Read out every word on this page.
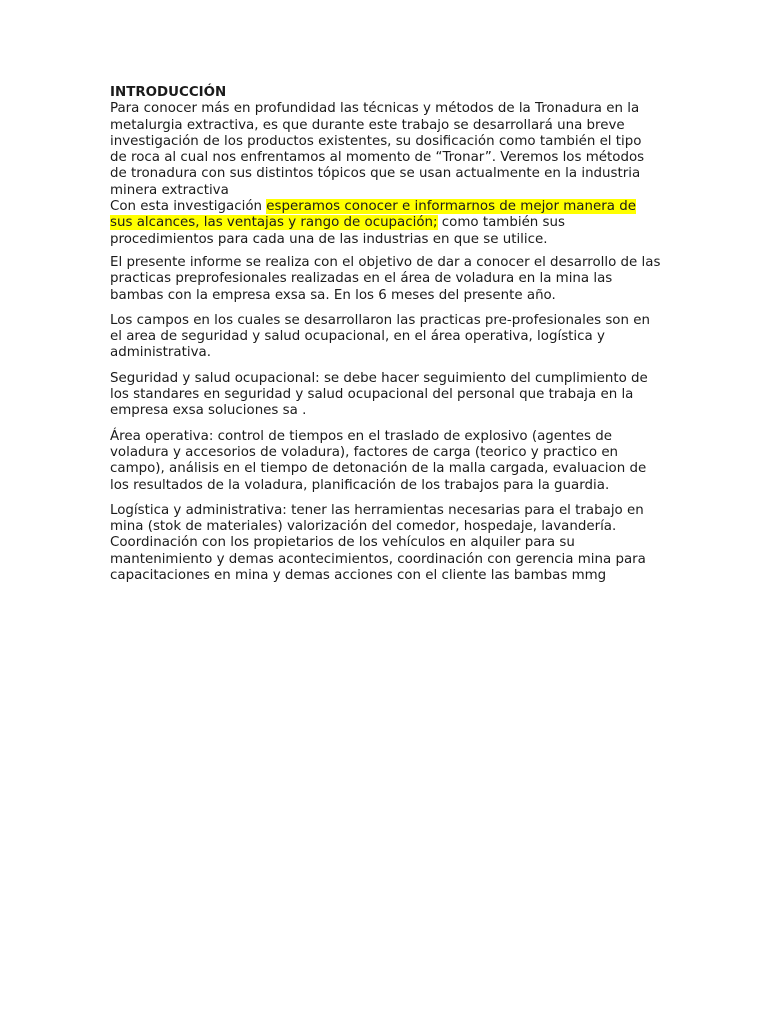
INTRODUCCIÓN
Para conocer más en profundidad las técnicas y métodos de la Tronadura en la metalurgia extractiva, es que durante este trabajo se desarrollará una breve investigación de los productos existentes, su dosificación como también el tipo de roca al cual nos enfrentamos al momento de “Tronar”. Veremos los métodos de tronadura con sus distintos tópicos que se usan actualmente en la industria minera extractiva
Con esta investigación esperamos conocer e informarnos de mejor manera de sus alcances, las ventajas y rango de ocupación; como también sus procedimientos para cada una de las industrias en que se utilice.

El presente informe se realiza con el objetivo de dar a conocer el desarrollo de las practicas preprofesionales realizadas en el área de voladura en la mina las bambas con la empresa exsa sa. En los 6 meses del presente año.

Los campos en los cuales se desarrollaron las practicas pre-profesionales son en el area de seguridad y salud ocupacional, en el área operativa, logística y administrativa.

Seguridad y salud ocupacional: se debe hacer seguimiento del cumplimiento de los standares en seguridad y salud ocupacional del personal que trabaja en la empresa exsa soluciones sa .

Área operativa: control de tiempos en el traslado de explosivo (agentes de voladura y accesorios de voladura), factores de carga (teorico y practico en campo), análisis en el tiempo de detonación de la malla cargada, evaluacion de los resultados de la voladura, planificación de los trabajos para la guardia.

Logística y administrativa: tener las herramientas necesarias para el trabajo en mina (stok de materiales) valorización del comedor, hospedaje, lavandería. Coordinación con los propietarios de los vehículos en alquiler para su mantenimiento y demas acontecimientos, coordinación con gerencia mina para capacitaciones en mina y demas acciones con el cliente las bambas mmg
